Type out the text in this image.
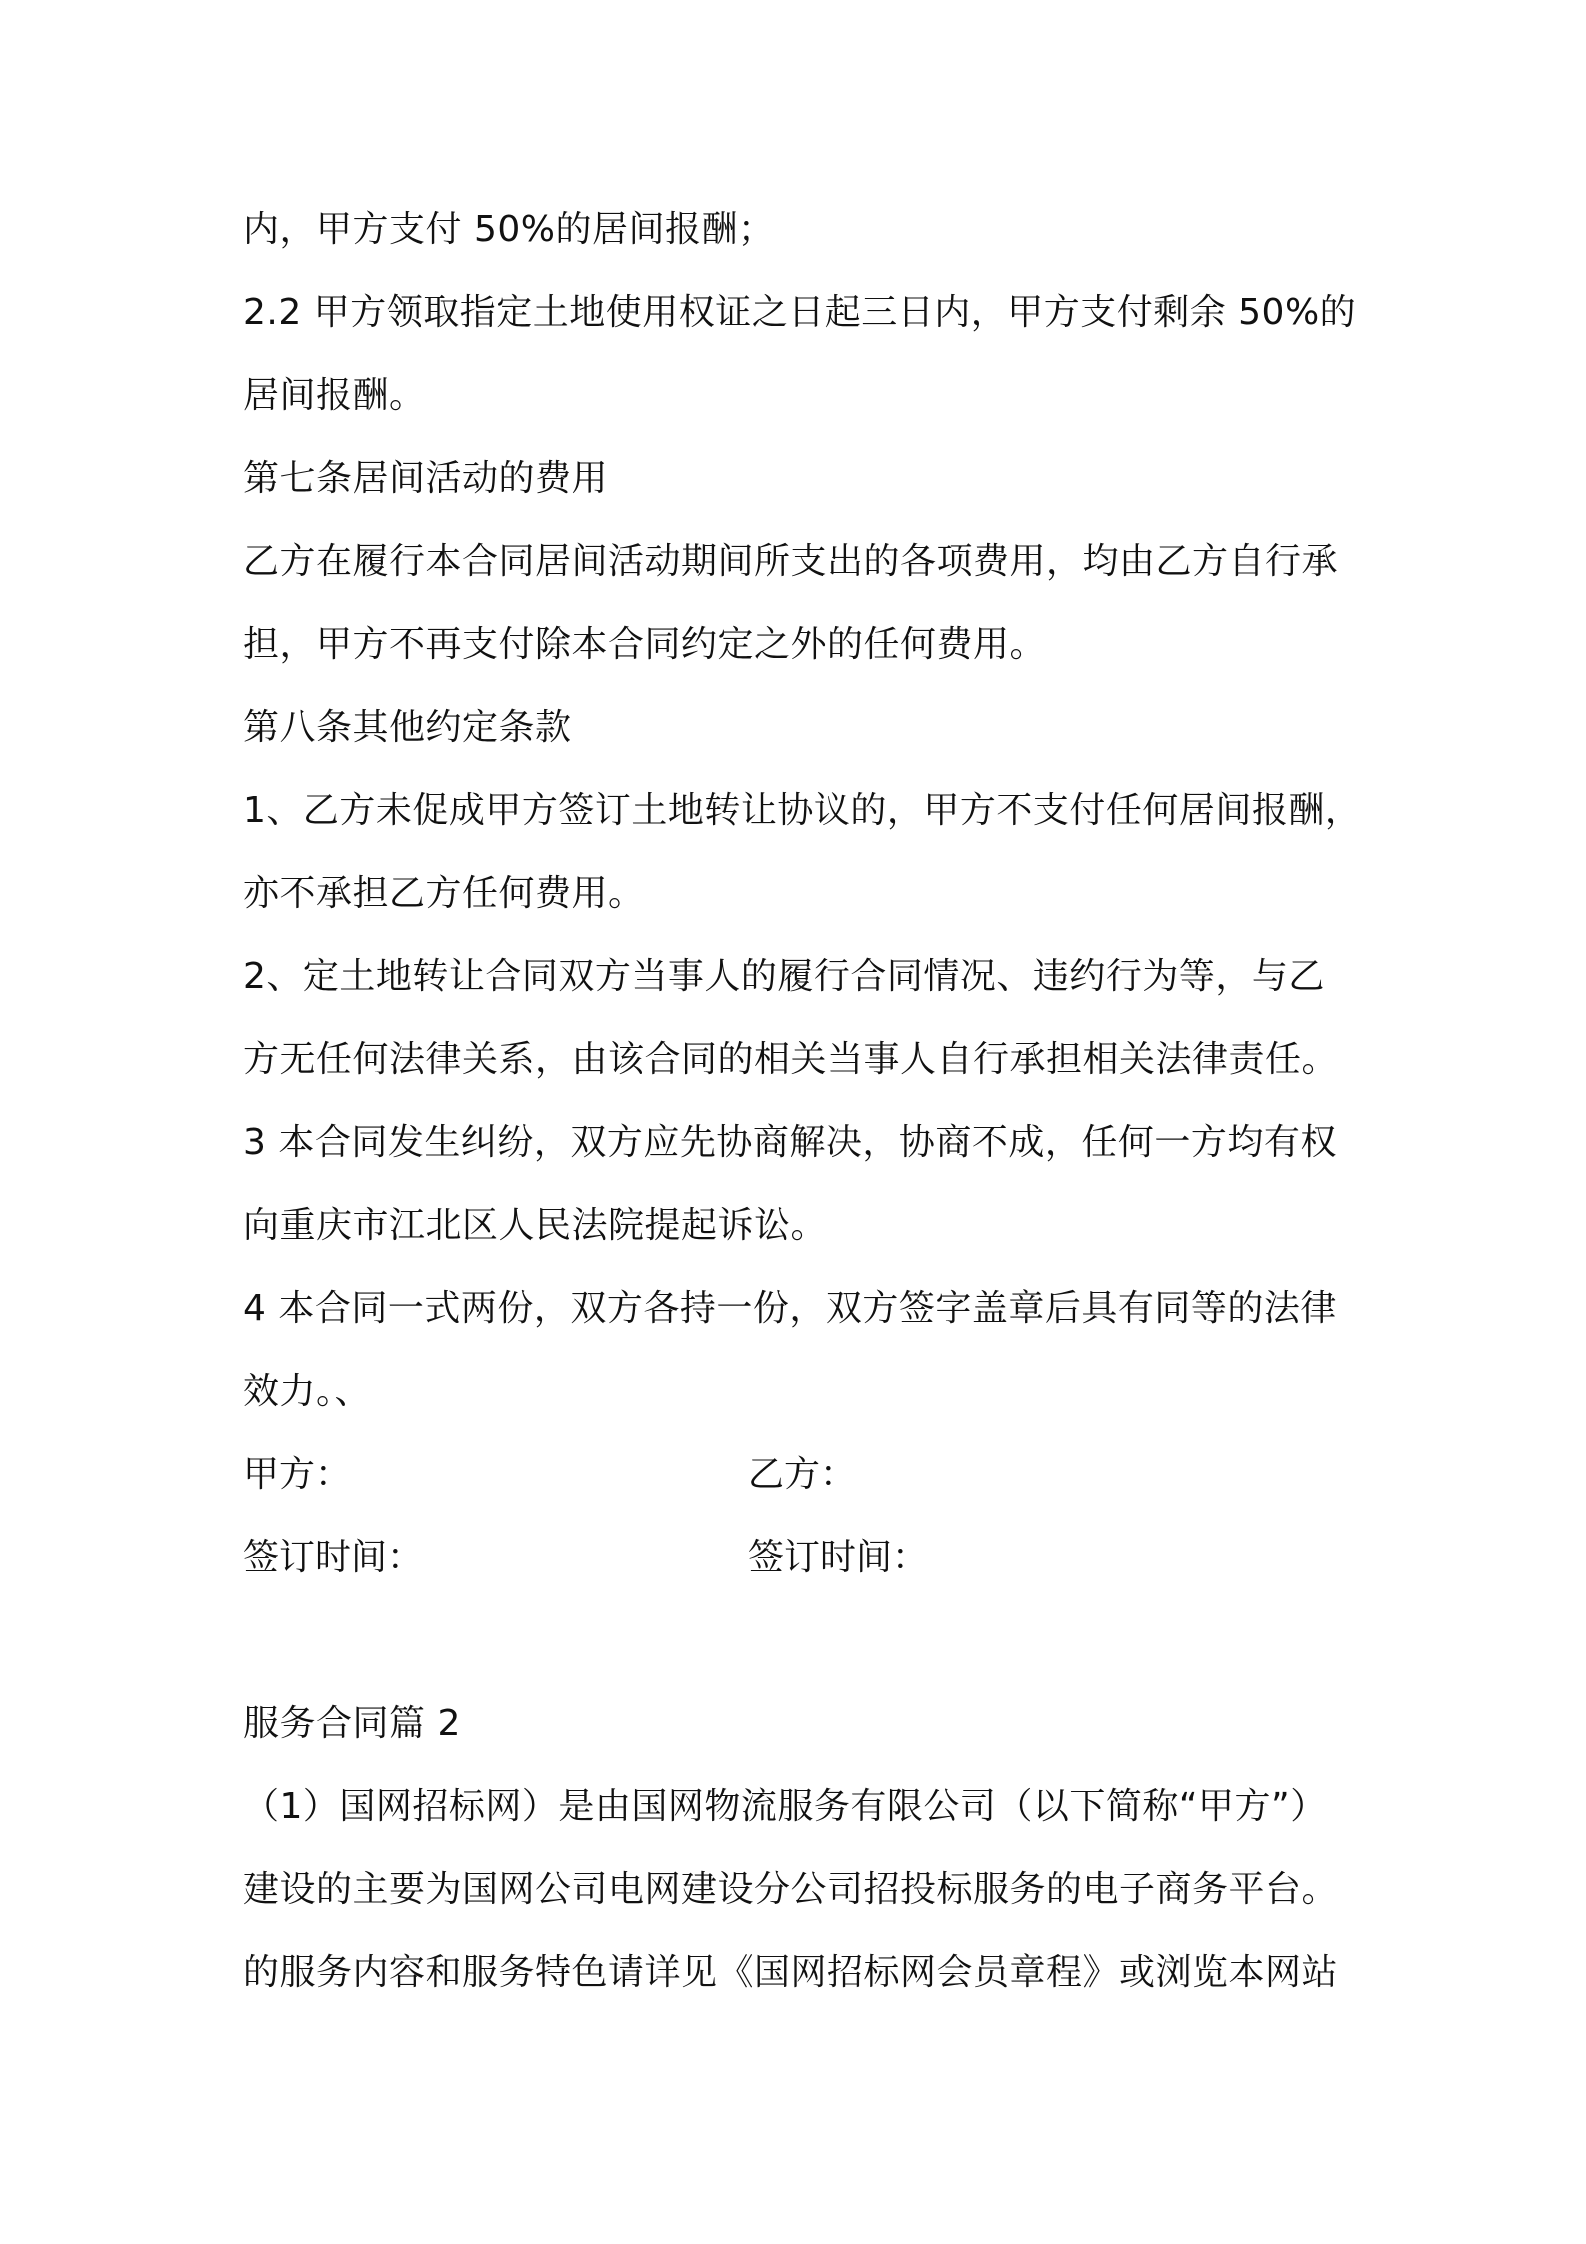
内，甲方支付 50%的居间报酬；
2.2 甲方领取指定土地使用权证之日起三日内，甲方支付剩余 50%的
居间报酬。
第七条居间活动的费用
乙方在履行本合同居间活动期间所支出的各项费用，均由乙方自行承
担，甲方不再支付除本合同约定之外的任何费用。
第八条其他约定条款
1、乙方未促成甲方签订土地转让协议的，甲方不支付任何居间报酬，
亦不承担乙方任何费用。
2、定土地转让合同双方当事人的履行合同情况、违约行为等，与乙
方无任何法律关系，由该合同的相关当事人自行承担相关法律责任。
3 本合同发生纠纷，双方应先协商解决，协商不成，任何一方均有权
向重庆市江北区人民法院提起诉讼。
4 本合同一式两份，双方各持一份，双方签字盖章后具有同等的法律
效力。、
甲方：	乙方：
签订时间：	签订时间：
服务合同篇 2
（1）国网招标网）是由国网物流服务有限公司（以下简称“甲方”）
建设的主要为国网公司电网建设分公司招投标服务的电子商务平台。
的服务内容和服务特色请详见《国网招标网会员章程》或浏览本网站
